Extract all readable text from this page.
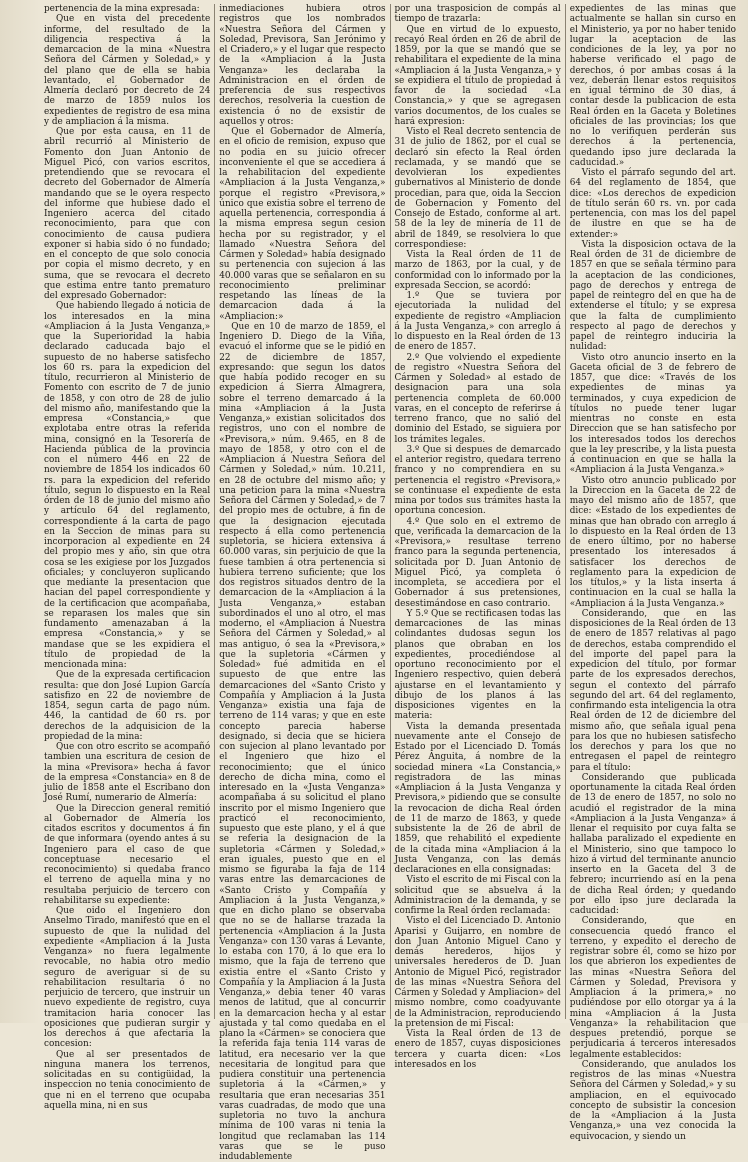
pertenencia de la mina expresada:

Que en vista del precedente informe, del resultado de la diligencia respectiva á la demarcacion de la mina «Nuestra Señora del Cármen y Soledad,» y del plano que de ella se habia levantado, el Gobernador de Almería declaró por decreto de 24 de marzo de 1859 nulos los expedientes de registro de esa mina y de ampliacion á la misma.

Que por esta causa, en 11 de abril recurrió al Ministerio de Fomento don Juan Antonio de Miguel Picó, con varios escritos, pretendiendo que se revocara el decreto del Gobernador de Almería mandando que se le oyera respecto del informe que hubiese dado el Ingeniero acerca del citado reconocimiento, para que con conocimiento de causa pudiera exponer si habia sido ó no fundado; en el concepto de que solo conocia por copia el mismo decreto, y en suma, que se revocara el decreto que estima entre tanto prematuro del expresado Gobernador:

Que habiendo llegado á noticia de los interesados en la mina «Ampliacion á la Justa Venganza,» que la Superioridad la habia declarado caducada bajo el supuesto de no haberse satisfecho los 60 rs. para la expedicion del título, recurrieron al Ministerio de Fomento con escrito de 7 de junio de 1858, y con otro de 28 de julio del mismo año, manifestando que la empresa «Constancia,» que explotaba entre otras la referida mina, consignó en la Tesorería de Hacienda pública de la provincia con el número 446 en 22 de noviembre de 1854 los indicados 60 rs. para la expedicion del referido título, segun lo dispuesto en la Real órden de 18 de junio del mismo año y artículo 64 del reglamento, correspondiente á la carta de pago en la Seccion de minas para su incorporacion al expediente en 24 del propio mes y año, sin que otra cosa se les exigiese por los Juzgados oficiales; y concluyeron suplicando que mediante la presentacion que hacian del papel correspondiente y de la certificacion que acompañaba, se reparasen los males que sin fundamento amenazaban á la empresa «Constancia,» y se mandase que se les expidiera el título de propiedad de la mencionada mina:

Que de la expresada certificacion resulta: que don José Lupion García satisfizo en 22 de noviembre de 1854, segun carta de pago núm. 446, la cantidad de 60 rs. por derechos de la adquisicion de la propiedad de la mina:

Que con otro escrito se acompañó tambien una escritura de cesion de la mina «Previsora» hecha á favor de la empresa «Constancia» en 8 de julio de 1858 ante el Escribano don José Rumí, numerario de Almería:

Que la Direccion general remitió al Gobernador de Almería los citados escritos y documentos á fin de que informara (oyendo antes á su Ingeniero para el caso de que conceptuase necesario el reconocimiento) si quedaba franco el terreno de aquella mina y no resultaba perjuicio de tercero con rehabilitarse su expediente:

Que oido el Ingeniero don Anselmo Tirado, manifestó que en el supuesto de que la nulidad del expediente «Ampliacion á la Justa Venganza» no fuera legalmente revocable, no habia otro medio seguro de averiguar si de su rehabilitacion resultaria ó no perjuicio de tercero, que instruir un nuevo expediente de registro, cuya tramitacion haria conocer las oposiciones que pudieran surgir y los derechos á que afectaria la concesion:

Que al ser presentados de ninguna manera los terrenos, solicitadas en su contigüidad, la inspeccion no tenia conocimiento de que ni en el terreno que ocupaba aquella mina, ni en sus

inmediaciones hubiera otros registros que los nombrados «Nuestra Señora del Cármen y Soledad, Previsora, San Jerónimo y el Criadero,» y el lugar que respecto de la «Ampliacion á la Justa Venganza» les declaraba la Administracion en el órden de preferencia de sus respectivos derechos, resolveria la cuestion de existencia ó no de exsistir de aquellos y otros:

Que el Gobernador de Almería, en el oficio de remision, expuso que no podia en su juicio ofrecer inconveniente el que se accediera á la rehabilitacion del expediente «Ampliacion á la Justa Venganza,» porque el registro «Previsora,» único que existia sobre el terreno de aquella pertenencia, correspondia á la misma empresa segun cesion hecha por su registrador, y el llamado «Nuestra Señora del Cármen y Soledad» había designado su pertenencia con sujecion á las 40.000 varas que se señalaron en su reconocimiento preliminar respetando las líneas de la demarcacion dada á la «Ampliacion:»

Que en 10 de marzo de 1859, el Ingeniero D. Diego de la Viña, evacuó el informe que se le pidió en 22 de diciembre de 1857, expresando: que segun los datos que había podido recoger en su expedicion á Sierra Almagrera, sobre el terreno demarcado á la mina «Ampliacion á la Justa Venganza,» existian solicitados dos registros, uno con el nombre de «Previsora,» núm. 9.465, en 8 de mayo de 1858, y otro con el de «Ampliacion á Nuestra Señora del Cármen y Soledad,» núm. 10.211, en 28 de octubre del mismo año; y una peticion para la mina «Nuestra Señora del Cármen y Soledad,» de 7 del propio mes de octubre, á fin de que la designacion ejecutada respecto á ella como pertenencia supletoria, se hiciera extensiva á 60.000 varas, sin perjuicio de que la fuese tambien á otra pertenencia si hubiera terreno suficiente; que los dos registros situados dentro de la demarcacion de la «Ampliacion á la Justa Venganza,» estaban subordinados el uno al otro, el mas moderno, el «Ampliacion á Nuestra Señora del Cármen y Soledad,» al mas antiguo, ó sea la «Previsora,» que la supletoria «Cármen y Soledad» fué admitida en el supuesto de que entre las demarcaciones del «Santo Cristo y Compañía y Ampliacion á la Justa Venganza» existia una faja de terreno de 114 varas; y que en este concepto parecia haberse designado, si decia que se hiciera con sujecion al plano levantado por el Ingeniero que hizo el reconocimiento; que el único derecho de dicha mina, como el interesado en la «Justa Venganza» acompañaba á su solicitud el plano inscrito por el mismo Ingeniero que practicó el reconocimiento, supuesto que este plano, y el á que se referia la designacion de la supletoria «Cármen y Soledad,» eran iguales, puesto que en el mismo se figuraba la faja de 114 varas entre las demarcaciones de «Santo Cristo y Compañía y Ampliacion á la Justa Venganza,» que en dicho plano se observaba que no se de hallarse trazada la pertenencia «Ampliacion á la Justa Venganza» con 130 varas á Levante, lo estaba con 170, á lo que era lo mismo, que la faja de terreno que existia entre el «Santo Cristo y Compañía y la Ampliacion á la Justa Venganza,» debia tener 40 varas menos de latitud, que al concurrir en la demarcacion hecha y al estar ajustada y tal como quedaba en el plano la «Cármen» se conociera que la referida faja tenia 114 varas de latitud, era necesario ver la que necesitaria de longitud para que pudiera constituir una pertenencia supletoria á la «Cármen,» y resultaria que eran necesarias 351 varas cuadradas, de modo que una supletoria no tuvo la anchura mínima de 100 varas ni tenia la longitud que reclamaban las 114 varas que se le puso indudablemente

por una trasposicion de compás al tiempo de trazarla:

Que en virtud de lo expuesto, recayó Real órden en 26 de abril de 1859, por la que se mandó que se rehabilitara el expediente de la mina «Ampliacion á la Justa Venganza,» y se expidiera el título de propiedad á favor de la sociedad «La Constancia,» y que se agregasen varios documentos, de los cuales se hará expresion:

Visto el Real decreto sentencia de 31 de julio de 1862, por el cual se declaró sin efecto la Real órden reclamada, y se mandó que se devolvieran los expedientes gubernativos al Ministerio de donde procedian, para que, oida la Seccion de Gobernacion y Fomento del Consejo de Estado, conforme al art. 58 de la ley de minería de 11 de abril de 1849, se resolviera lo que correspondiese:

Vista la Real órden de 11 de marzo de 1863, por la cual, y de conformidad con lo informado por la expresada Seccion, se acordó:

1.º Que se tuviera por ejecutoriada la nulidad del expediente de registro «Ampliacion á la Justa Venganza,» con arreglo á lo dispuesto en la Real órden de 13 de enero de 1857.

2.º Que volviendo el expediente de registro «Nuestra Señora del Cármen y Soledad» al estado de designacion para una sola pertenencia completa de 60.000 varas, en el concepto de referirse á terreno franco, que no salió del dominio del Estado, se siguiera por los trámites legales.

3.º Que si despues de demarcado el anterior registro, quedara terreno franco y no comprendiera en su pertenencia el registro «Previsora,» se continuase el expediente de esta mina por todos sus trámites hasta la oportuna concesion.

4.º Que solo en el extremo de que, verificada la demarcacion de la «Previsora,» resultase terreno franco para la segunda pertenencia, solicitada por D. Juan Antonio de Miguel Picó, ya completa ó incompleta, se accediera por el Gobernador á sus pretensiones, desestimándose en caso contrario.

Y 5.º Que se rectificasen todas las demarcaciones de las minas colindantes dudosas segun los planos que obraban en los expedientes, procediéndose al oportuno reconocimiento por el Ingeniero respectivo, quien deberá ajustarse en el levantamiento y dibujo de los planos á las disposiciones vigentes en la materia:

Vista la demanda presentada nuevamente ante el Consejo de Estado por el Licenciado D. Tomás Pérez Anguita, á nombre de la sociedad minera «La Constancia,» registradora de las minas «Ampliacion á la Justa Venganza y Previsora,» pidiendo que se consulte la revocacion de dicha Real órden de 11 de marzo de 1863, y quede subsistente la de 26 de abril de 1859, que rehabilitó el expediente de la citada mina «Ampliacion á la Justa Venganza, con las demás declaraciones en ella consignadas:

Visto el escrito de mi Fiscal con la solicitud que se absuelva á la Administracion de la demanda, y se confirme la Real órden reclamada:

Visto el del Licenciado D. Antonio Aparisi y Guijarro, en nombre de don Juan Antonio Miguel Cano y demás herederos, hijos y universales herederos de D. Juan Antonio de Miguel Picó, registrador de las minas «Nuestra Señora del Cármen y Soledad y Ampliacion» del mismo nombre, como coadyuvante de la Administracion, reproduciendo la pretension de mi Fiscal:

Vista la Real órden de 13 de enero de 1857, cuyas disposiciones tercera y cuarta dicen: «Los interesados en los

expedientes de las minas que actualmente se hallan sin curso en el Ministerio, ya por no haber tenido lugar la aceptacion de las condiciones de la ley, ya por no haberse verificado el pago de derechos, ó por ambas cosas á la vez, deberán llenar estos requisitos en igual término de 30 dias, á contar desde la publicacion de esta Real órden en la Gaceta y Boletines oficiales de las provincias; los que no lo verifiquen perderán sus derechos á la pertenencia, quedando ipso jure declarada la caducidad.»

Visto el párrafo segundo del art. 64 del reglamento de 1854, que dice: «Los derechos de expedicion de título serán 60 rs. vn. por cada pertenencia, con mas los del papel de ilustre en que se ha de extender:»

Vista la disposicion octava de la Real órden de 31 de diciembre de 1857 en que se señala término para la aceptacion de las condiciones, pago de derechos y entrega de papel de reintegro del en que ha de extenderse el título; y se expresa que la falta de cumplimiento respecto al pago de derechos y papel de reintegro induciria la nulidad:

Visto otro anuncio inserto en la Gaceta oficial de 3 de febrero de 1857, que dice: «Través de los expedientes de minas ya terminados, y cuya expedicion de títulos no puede tener lugar mientras no conste en esta Direccion que se han satisfecho por los interesados todos los derechos que la ley prescribe, y la lista puesta á continuacion en que se halla la «Ampliacion á la Justa Venganza.»

Visto otro anuncio publicado por la Direccion en la Gaceta de 22 de mayo del mismo año de 1857, que dice: «Estado de los expedientes de minas que han obrado con arreglo á lo dispuesto en la Real órden de 13 de enero último, por no haberse presentado los interesados á satisfacer los derechos de reglamento para la expedicion de los títulos,» y la lista inserta á continuacion en la cual se halla la «Ampliacion á la Justa Venganza.»

Considerando, que en las disposiciones de la Real órden de 13 de enero de 1857 relativas al pago de derechos, estaba comprendido el del importe del papel para la expedicion del título, por formar parte de los expresados derechos, segun el contexto del párrafo segundo del art. 64 del reglamento, confirmando esta inteligencia la otra Real órden de 12 de diciembre del mismo año, que señala igual pena para los que no hubiesen satisfecho los derechos y para los que no entregasen el papel de reintegro para el título:

Considerando que publicada oportunamente la citada Real órden de 13 de enero de 1857, no solo no acudió el registrador de la mina «Ampliacion á la Justa Venganza» á llenar el requisito por cuya falta se hallaba paralizado el expediente en el Ministerio, sino que tampoco lo hizo á virtud del terminante anuncio inserto en la Gaceta del 3 de febrero; incurriendo así en la pena de dicha Real órden; y quedando por ello ipso jure declarada la caducidad:

Considerando, que en consecuencia quedó franco el terreno, y expedito el derecho de registrar sobre él, como se hizo por los que abrieron los expedientes de las minas «Nuestra Señora del Cármen y Soledad, Previsora y Ampliacion á la primera,» no pudiéndose por ello otorgar ya á la mina «Ampliacion á la Justa Venganza» la rehabilitacion que despues pretendió, porque se perjudicaria á terceros interesados legalmente establecidos:

Considerando, que anulados los registros de las minas «Nuestra Señora del Cármen y Soledad,» y su ampliacion, en el equivocado concepto de subsistir la concesion de la «Ampliacion á la Justa Venganza,» una vez conocida la equivocacion, y siendo un
